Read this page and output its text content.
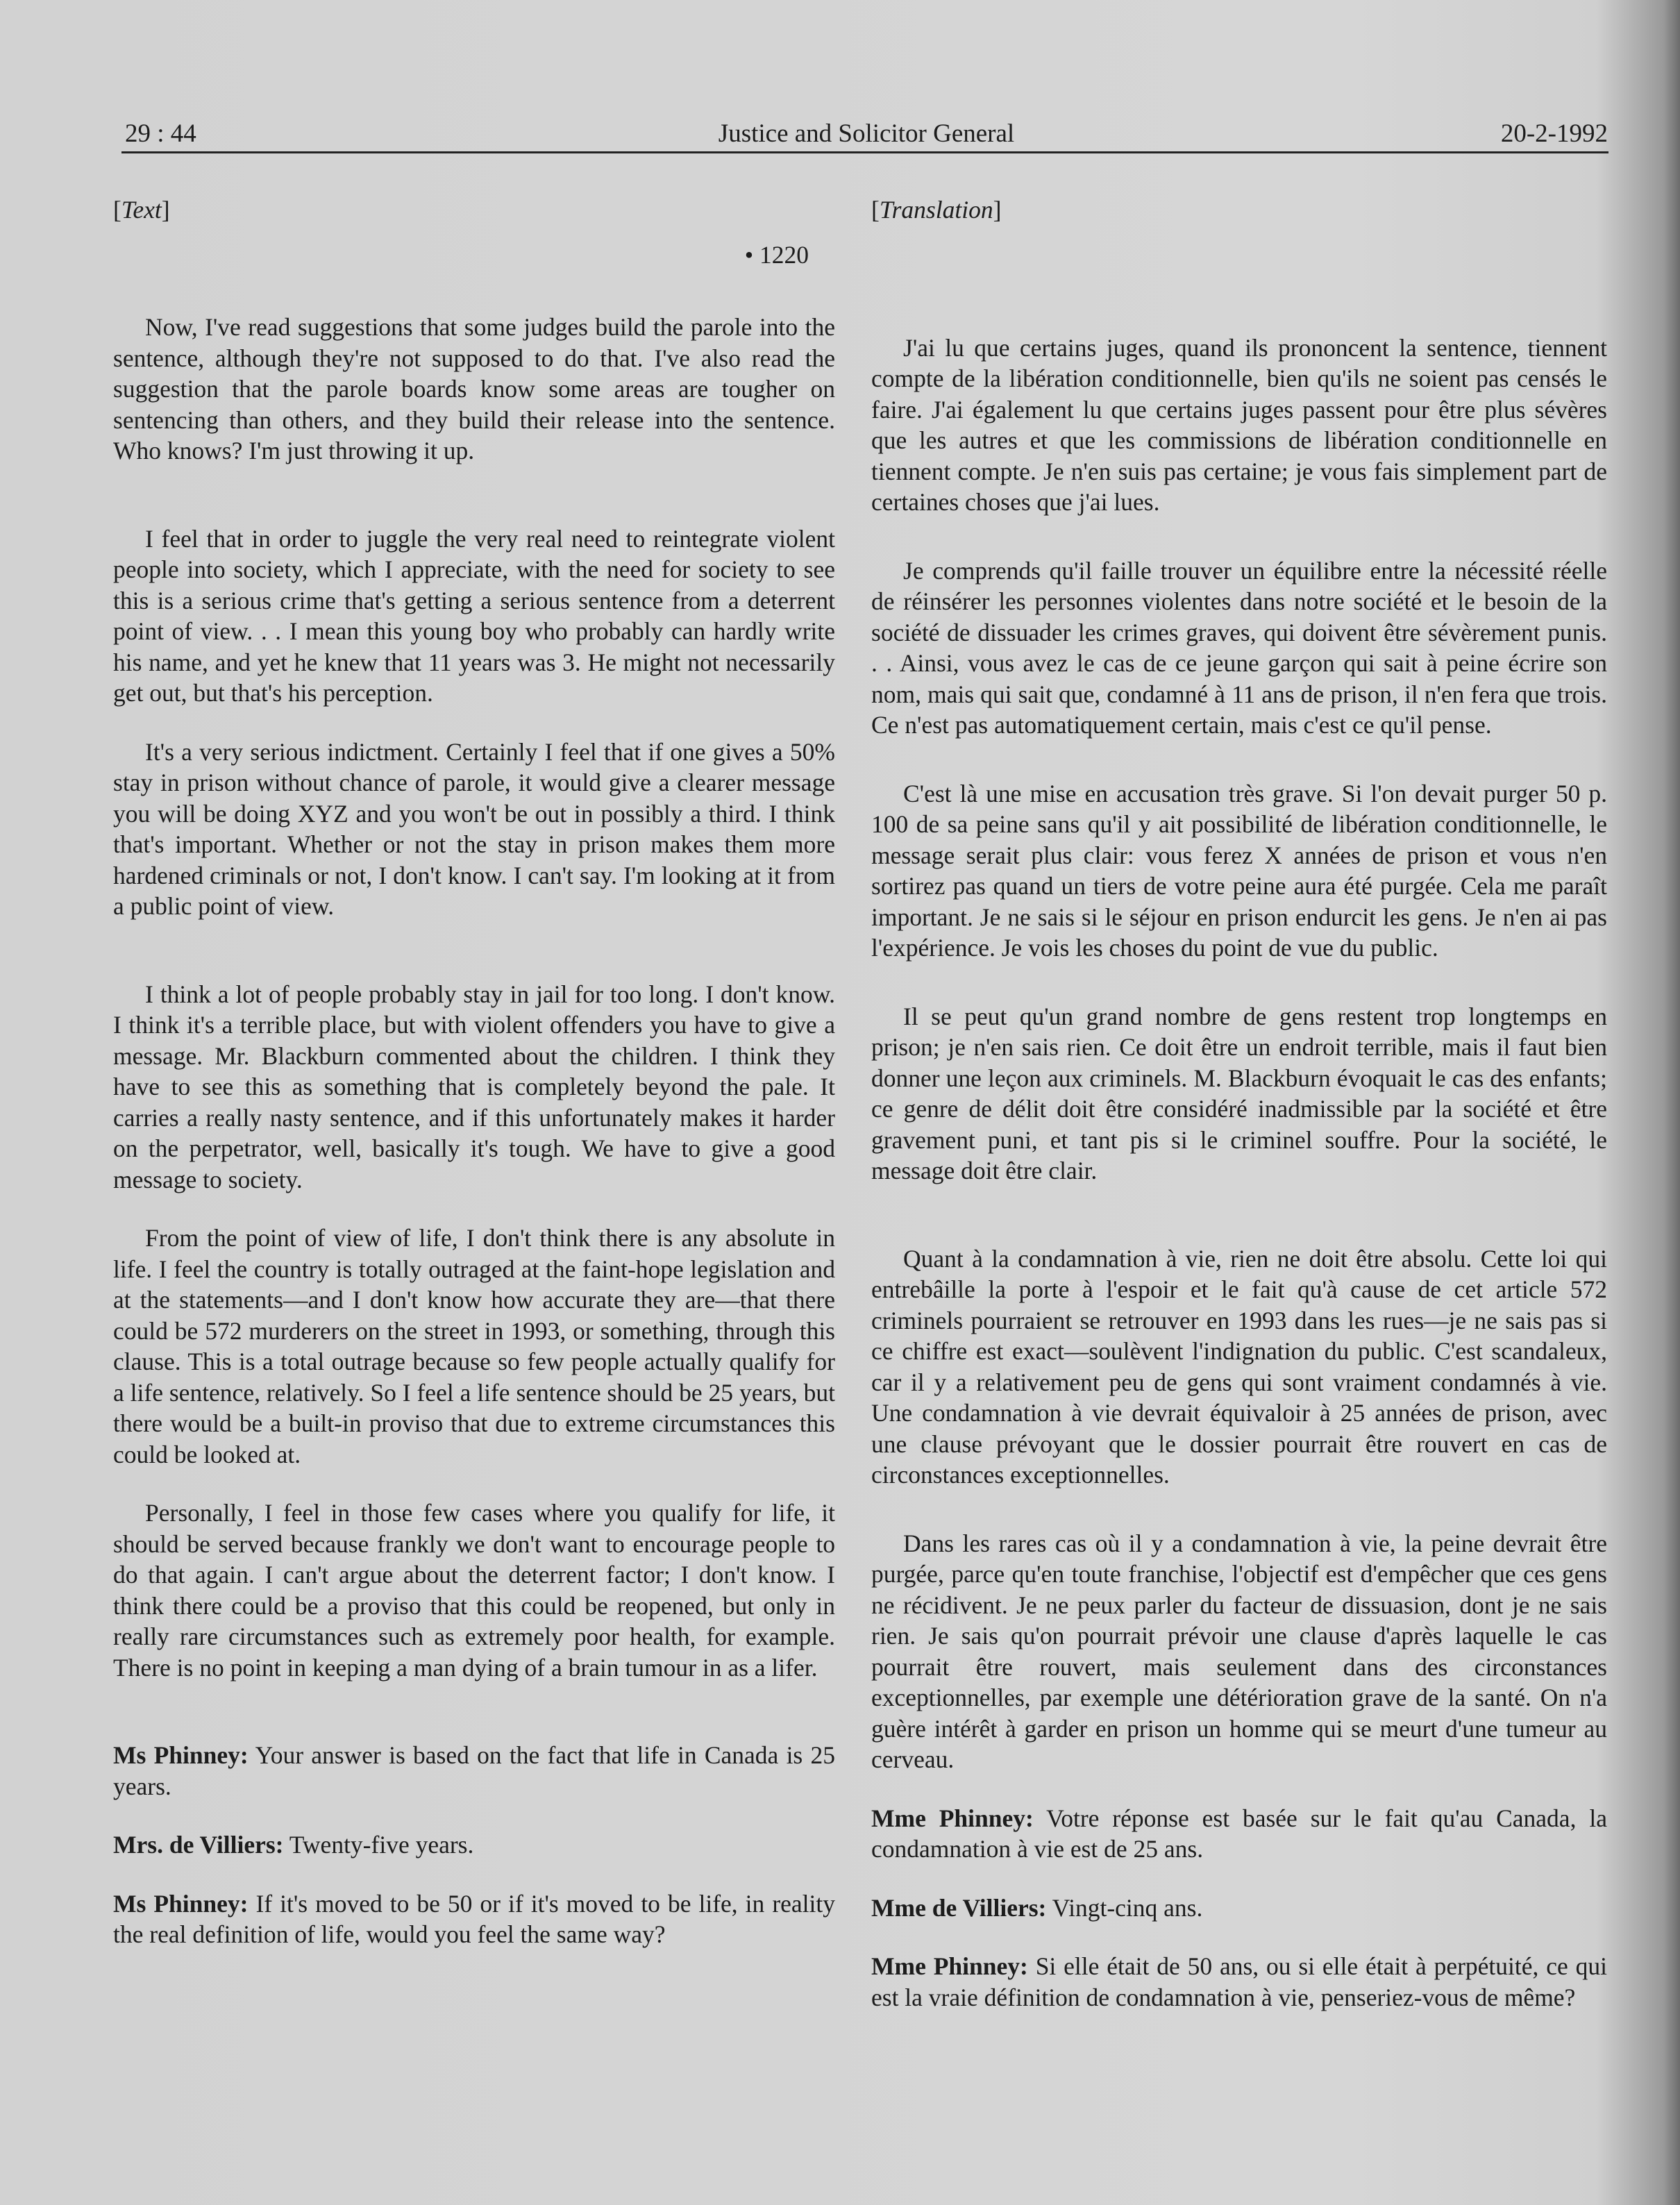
29 : 44	Justice and Solicitor General	20-2-1992
[Text]
• 1220

Now, I've read suggestions that some judges build the parole into the sentence, although they're not supposed to do that. I've also read the suggestion that the parole boards know some areas are tougher on sentencing than others, and they build their release into the sentence. Who knows? I'm just throwing it up.

I feel that in order to juggle the very real need to reintegrate violent people into society, which I appreciate, with the need for society to see this is a serious crime that's getting a serious sentence from a deterrent point of view. . . I mean this young boy who probably can hardly write his name, and yet he knew that 11 years was 3. He might not necessarily get out, but that's his perception.

It's a very serious indictment. Certainly I feel that if one gives a 50% stay in prison without chance of parole, it would give a clearer message you will be doing XYZ and you won't be out in possibly a third. I think that's important. Whether or not the stay in prison makes them more hardened criminals or not, I don't know. I can't say. I'm looking at it from a public point of view.

I think a lot of people probably stay in jail for too long. I don't know. I think it's a terrible place, but with violent offenders you have to give a message. Mr. Blackburn commented about the children. I think they have to see this as something that is completely beyond the pale. It carries a really nasty sentence, and if this unfortunately makes it harder on the perpetrator, well, basically it's tough. We have to give a good message to society.

From the point of view of life, I don't think there is any absolute in life. I feel the country is totally outraged at the faint-hope legislation and at the statements—and I don't know how accurate they are—that there could be 572 murderers on the street in 1993, or something, through this clause. This is a total outrage because so few people actually qualify for a life sentence, relatively. So I feel a life sentence should be 25 years, but there would be a built-in proviso that due to extreme circumstances this could be looked at.

Personally, I feel in those few cases where you qualify for life, it should be served because frankly we don't want to encourage people to do that again. I can't argue about the deterrent factor; I don't know. I think there could be a proviso that this could be reopened, but only in really rare circumstances such as extremely poor health, for example. There is no point in keeping a man dying of a brain tumour in as a lifer.

Ms Phinney: Your answer is based on the fact that life in Canada is 25 years.

Mrs. de Villiers: Twenty-five years.

Ms Phinney: If it's moved to be 50 or if it's moved to be life, in reality the real definition of life, would you feel the same way?

[Translation]

J'ai lu que certains juges, quand ils prononcent la sentence, tiennent compte de la libération conditionnelle, bien qu'ils ne soient pas censés le faire. J'ai également lu que certains juges passent pour être plus sévères que les autres et que les commissions de libération conditionnelle en tiennent compte. Je n'en suis pas certaine; je vous fais simplement part de certaines choses que j'ai lues.

Je comprends qu'il faille trouver un équilibre entre la nécessité réelle de réinsérer les personnes violentes dans notre société et le besoin de la société de dissuader les crimes graves, qui doivent être sévèrement punis. . . Ainsi, vous avez le cas de ce jeune garçon qui sait à peine écrire son nom, mais qui sait que, condamné à 11 ans de prison, il n'en fera que trois. Ce n'est pas automatiquement certain, mais c'est ce qu'il pense.

C'est là une mise en accusation très grave. Si l'on devait purger 50 p. 100 de sa peine sans qu'il y ait possibilité de libération conditionnelle, le message serait plus clair: vous ferez X années de prison et vous n'en sortirez pas quand un tiers de votre peine aura été purgée. Cela me paraît important. Je ne sais si le séjour en prison endurcit les gens. Je n'en ai pas l'expérience. Je vois les choses du point de vue du public.

Il se peut qu'un grand nombre de gens restent trop longtemps en prison; je n'en sais rien. Ce doit être un endroit terrible, mais il faut bien donner une leçon aux criminels. M. Blackburn évoquait le cas des enfants; ce genre de délit doit être considéré inadmissible par la société et être gravement puni, et tant pis si le criminel souffre. Pour la société, le message doit être clair.

Quant à la condamnation à vie, rien ne doit être absolu. Cette loi qui entrebâille la porte à l'espoir et le fait qu'à cause de cet article 572 criminels pourraient se retrouver en 1993 dans les rues—je ne sais pas si ce chiffre est exact—soulèvent l'indignation du public. C'est scandaleux, car il y a relativement peu de gens qui sont vraiment condamnés à vie. Une condamnation à vie devrait équivaloir à 25 années de prison, avec une clause prévoyant que le dossier pourrait être rouvert en cas de circonstances exceptionnelles.

Dans les rares cas où il y a condamnation à vie, la peine devrait être purgée, parce qu'en toute franchise, l'objectif est d'empêcher que ces gens ne récidivent. Je ne peux parler du facteur de dissuasion, dont je ne sais rien. Je sais qu'on pourrait prévoir une clause d'après laquelle le cas pourrait être rouvert, mais seulement dans des circonstances exceptionnelles, par exemple une détérioration grave de la santé. On n'a guère intérêt à garder en prison un homme qui se meurt d'une tumeur au cerveau.

Mme Phinney: Votre réponse est basée sur le fait qu'au Canada, la condamnation à vie est de 25 ans.

Mme de Villiers: Vingt-cinq ans.

Mme Phinney: Si elle était de 50 ans, ou si elle était à perpétuité, ce qui est la vraie définition de condamnation à vie, penseriez-vous de même?
